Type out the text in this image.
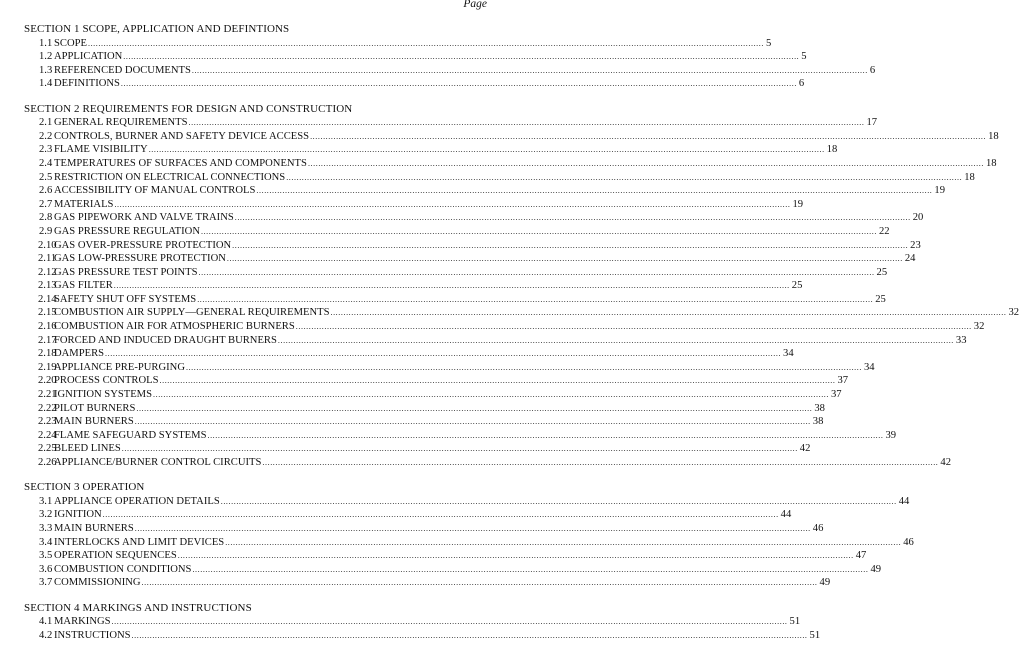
Page
SECTION 1 SCOPE, APPLICATION AND DEFINTIONS
1.1 SCOPE .................................................................................................................................................................................................................................................................... 5
1.2 APPLICATION .................................................................................................................................................................................................................................................................... 5
1.3 REFERENCED DOCUMENTS .................................................................................................................................................................................................................................................................... 6
1.4 DEFINITIONS .................................................................................................................................................................................................................................................................... 6
SECTION 2 REQUIREMENTS FOR DESIGN AND CONSTRUCTION
2.1 GENERAL REQUIREMENTS .................................................................................................................................................................................................................................................................... 17
2.2 CONTROLS, BURNER AND SAFETY DEVICE ACCESS .................................................................................................................................................................................................................................................................... 18
2.3 FLAME VISIBILITY .................................................................................................................................................................................................................................................................... 18
2.4 TEMPERATURES OF SURFACES AND COMPONENTS .................................................................................................................................................................................................................................................................... 18
2.5 RESTRICTION ON ELECTRICAL CONNECTIONS .................................................................................................................................................................................................................................................................... 18
2.6 ACCESSIBILITY OF MANUAL CONTROLS .................................................................................................................................................................................................................................................................... 19
2.7 MATERIALS .................................................................................................................................................................................................................................................................... 19
2.8 GAS PIPEWORK AND VALVE TRAINS .................................................................................................................................................................................................................................................................... 20
2.9 GAS PRESSURE REGULATION .................................................................................................................................................................................................................................................................... 22
2.10
GAS OVER-PRESSURE PROTECTION .................................................................................................................................................................................................................................................................... 23
2.11
GAS LOW-PRESSURE PROTECTION .................................................................................................................................................................................................................................................................... 24
2.12
GAS PRESSURE TEST POINTS .................................................................................................................................................................................................................................................................... 25
2.13
GAS FILTER .................................................................................................................................................................................................................................................................... 25
2.14
SAFETY SHUT OFF SYSTEMS .................................................................................................................................................................................................................................................................... 25
2.15
COMBUSTION AIR SUPPLY—GENERAL REQUIREMENTS .................................................................................................................................................................................................................................................................... 32
2.16
COMBUSTION AIR FOR ATMOSPHERIC BURNERS .................................................................................................................................................................................................................................................................... 32
2.17
FORCED AND INDUCED DRAUGHT BURNERS .................................................................................................................................................................................................................................................................... 33
2.18
DAMPERS .................................................................................................................................................................................................................................................................... 34
2.19
APPLIANCE PRE-PURGING .................................................................................................................................................................................................................................................................... 34
2.20
PROCESS CONTROLS .................................................................................................................................................................................................................................................................... 37
2.21
IGNITION SYSTEMS .................................................................................................................................................................................................................................................................... 37
2.22
PILOT BURNERS .................................................................................................................................................................................................................................................................... 38
2.23
MAIN BURNERS .................................................................................................................................................................................................................................................................... 38
2.24
FLAME SAFEGUARD SYSTEMS .................................................................................................................................................................................................................................................................... 39
2.25
BLEED LINES .................................................................................................................................................................................................................................................................... 42
2.26
APPLIANCE/BURNER CONTROL CIRCUITS .................................................................................................................................................................................................................................................................... 42
SECTION 3 OPERATION
3.1 APPLIANCE OPERATION DETAILS .................................................................................................................................................................................................................................................................... 44
3.2 IGNITION .................................................................................................................................................................................................................................................................... 44
3.3 MAIN BURNERS .................................................................................................................................................................................................................................................................... 46
3.4 INTERLOCKS AND LIMIT DEVICES .................................................................................................................................................................................................................................................................... 46
3.5 OPERATION SEQUENCES .................................................................................................................................................................................................................................................................... 47
3.6 COMBUSTION CONDITIONS .................................................................................................................................................................................................................................................................... 49
3.7 COMMISSIONING .................................................................................................................................................................................................................................................................... 49
SECTION 4 MARKINGS AND INSTRUCTIONS
4.1 MARKINGS .................................................................................................................................................................................................................................................................... 51
4.2 INSTRUCTIONS .................................................................................................................................................................................................................................................................... 51
